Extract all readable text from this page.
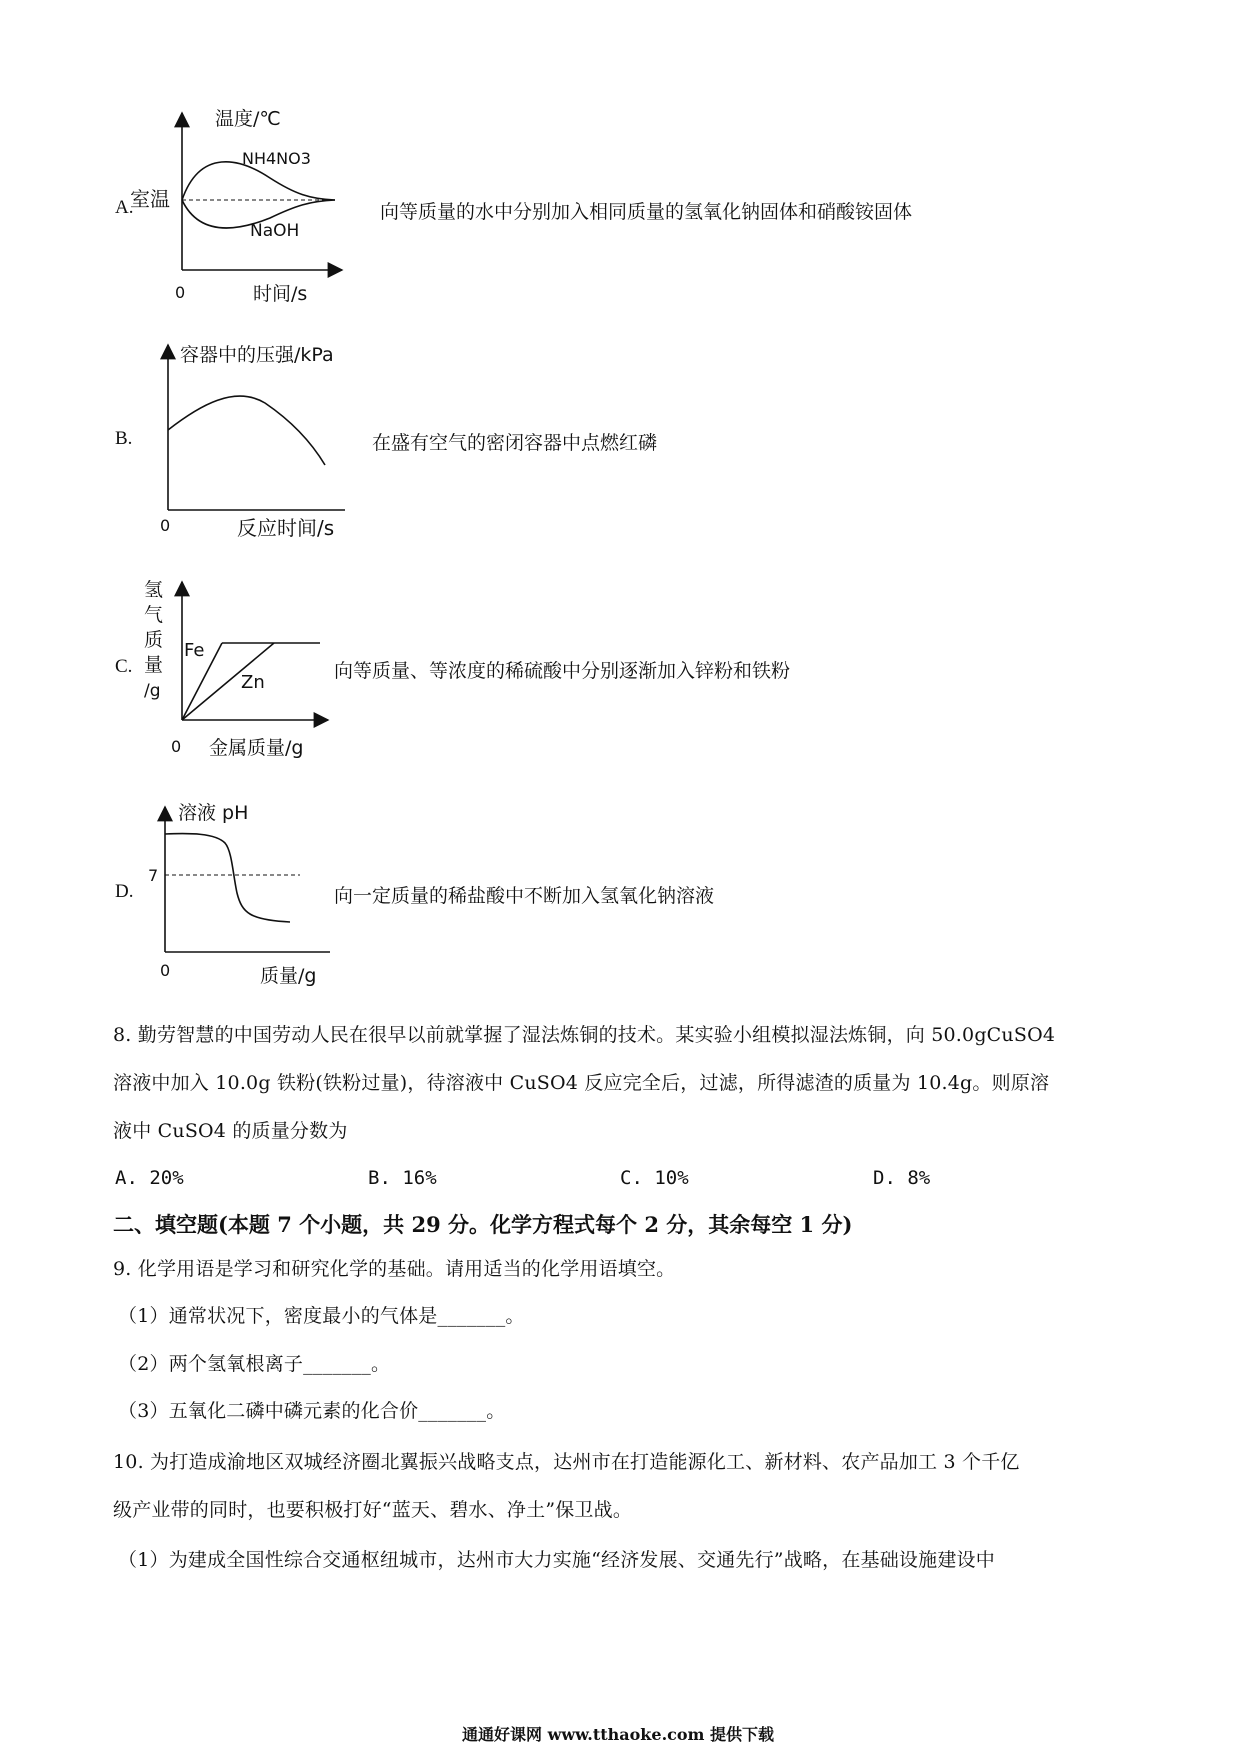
A.
温度/℃
室温
NH4NO3
NaOH
0	时间/s
向等质量的水中分别加入相同质量的氢氧化钠固体和硝酸铵固体
B.
容器中的压强/kPa
0	反应时间/s
在盛有空气的密闭容器中点燃红磷
C.
氢
气
质
量
/g
Fe
Zn
0 金属质量/g
向等质量、等浓度的稀硫酸中分别逐渐加入锌粉和铁粉
D.
溶液 pH
7
0	质量/g
向一定质量的稀盐酸中不断加入氢氧化钠溶液
8. 勤劳智慧的中国劳动人民在很早以前就掌握了湿法炼铜的技术。某实验小组模拟湿法炼铜，向 50.0gCuSO4
溶液中加入 10.0g 铁粉(铁粉过量)，待溶液中 CuSO4 反应完全后，过滤，所得滤渣的质量为 10.4g。则原溶
液中 CuSO4 的质量分数为
A. 20%	B. 16%	C. 10%	D. 8%
二、填空题(本题 7 个小题，共 29 分。化学方程式每个 2 分，其余每空 1 分)
9. 化学用语是学习和研究化学的基础。请用适当的化学用语填空。
（1）通常状况下，密度最小的气体是_______。
（2）两个氢氧根离子_______。
（3）五氧化二磷中磷元素的化合价_______。
10. 为打造成渝地区双城经济圈北翼振兴战略支点，达州市在打造能源化工、新材料、农产品加工 3 个千亿
级产业带的同时，也要积极打好“蓝天、碧水、净土”保卫战。
（1）为建成全国性综合交通枢纽城市，达州市大力实施“经济发展、交通先行”战略，在基础设施建设中
通通好课网 www.tthaoke.com 提供下载
